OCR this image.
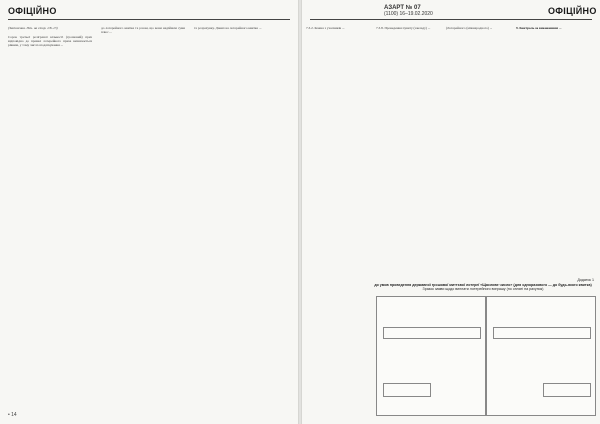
ОФІЦІЙНО
(Закінчення. Поч. на стор. 1/8–13)
Сорок третьої розіграної кількості (грошовий) приз відповідно до правил лотерейного приза визначається рівним, у тому числі оподаткування ...
до лотерейного квитка та разом, що вони надійшли суми плюс ...
та розрахунку. Даних на лотерейного квитка ...
• 14
АЗАРТ № 07
(1100) 16–19.02.2020	ОФІЦІЙНО
7.3.2. Кожна з учасників ...	7.3.8. Проведення пункту (закладу) ...	(Лотерейного (міжнародного) ...	9. Контроль за виконанням ...
Додаток 1
до умов проведення державної грошової миттєвої лотереї «Щасливе число» (для одноразового — до будь-якого квитка)
Зразок заяви щодо виплати лотерейного виграшу (по оплаті на рахунок)
